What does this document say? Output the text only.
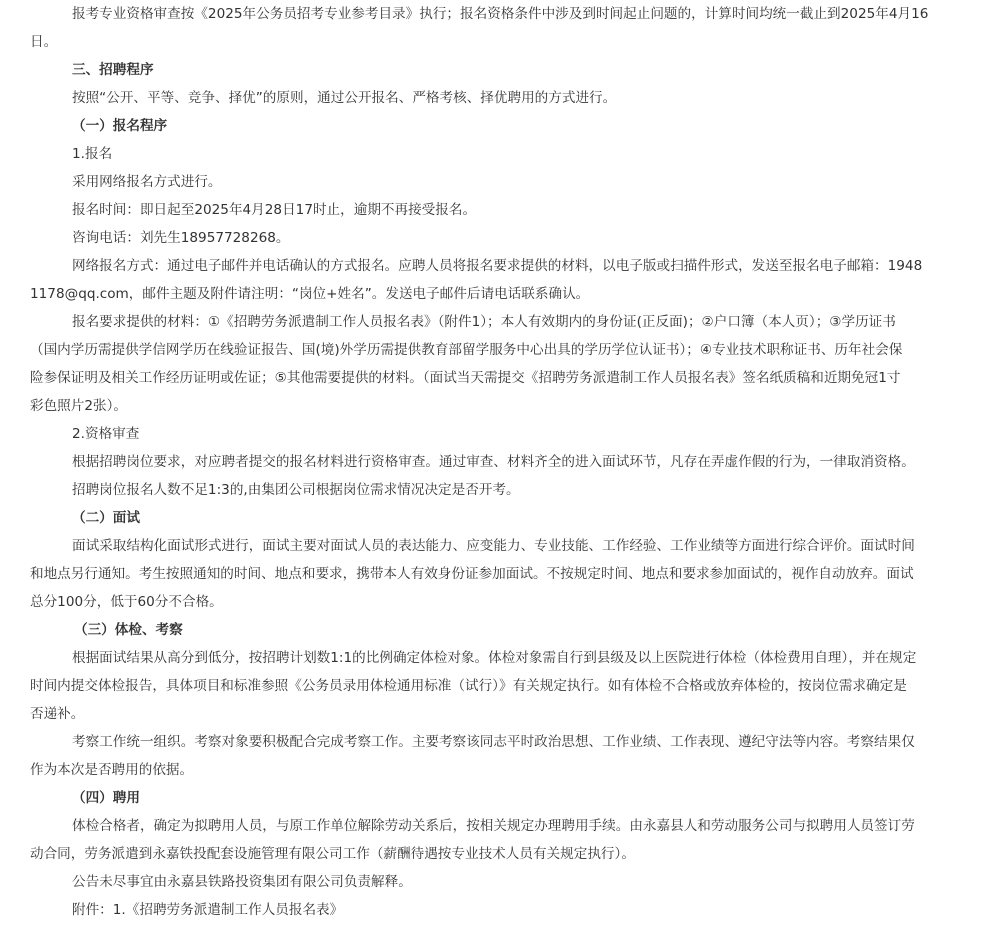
报考专业资格审查按《2025年公务员招考专业参考目录》执行；报名资格条件中涉及到时间起止问题的，计算时间均统一截止到2025年4月16
日。
三、招聘程序
按照“公开、平等、竞争、择优”的原则，通过公开报名、严格考核、择优聘用的方式进行。
（一）报名程序
1.报名
采用网络报名方式进行。
报名时间：即日起至2025年4月28日17时止，逾期不再接受报名。
咨询电话：刘先生18957728268。
网络报名方式：通过电子邮件并电话确认的方式报名。应聘人员将报名要求提供的材料，以电子版或扫描件形式，发送至报名电子邮箱：1948
1178@qq.com，邮件主题及附件请注明：“岗位+姓名”。发送电子邮件后请电话联系确认。
报名要求提供的材料：①《招聘劳务派遣制工作人员报名表》（附件1）；本人有效期内的身份证(正反面)；②户口簿（本人页）；③学历证书
（国内学历需提供学信网学历在线验证报告、国(境)外学历需提供教育部留学服务中心出具的学历学位认证书）；④专业技术职称证书、历年社会保
险参保证明及相关工作经历证明或佐证；⑤其他需要提供的材料。（面试当天需提交《招聘劳务派遣制工作人员报名表》签名纸质稿和近期免冠1寸
彩色照片2张）。
2.资格审查
根据招聘岗位要求，对应聘者提交的报名材料进行资格审查。通过审查、材料齐全的进入面试环节，凡存在弄虚作假的行为，一律取消资格。
招聘岗位报名人数不足1:3的,由集团公司根据岗位需求情况决定是否开考。
（二）面试
面试采取结构化面试形式进行，面试主要对面试人员的表达能力、应变能力、专业技能、工作经验、工作业绩等方面进行综合评价。面试时间
和地点另行通知。考生按照通知的时间、地点和要求，携带本人有效身份证参加面试。不按规定时间、地点和要求参加面试的，视作自动放弃。面试
总分100分，低于60分不合格。
（三）体检、考察
根据面试结果从高分到低分，按招聘计划数1:1的比例确定体检对象。体检对象需自行到县级及以上医院进行体检（体检费用自理），并在规定
时间内提交体检报告，具体项目和标准参照《公务员录用体检通用标准（试行）》有关规定执行。如有体检不合格或放弃体检的，按岗位需求确定是
否递补。
考察工作统一组织。考察对象要积极配合完成考察工作。主要考察该同志平时政治思想、工作业绩、工作表现、遵纪守法等内容。考察结果仅
作为本次是否聘用的依据。
（四）聘用
体检合格者，确定为拟聘用人员，与原工作单位解除劳动关系后，按相关规定办理聘用手续。由永嘉县人和劳动服务公司与拟聘用人员签订劳
动合同，劳务派遣到永嘉铁投配套设施管理有限公司工作（薪酬待遇按专业技术人员有关规定执行）。
公告未尽事宜由永嘉县铁路投资集团有限公司负责解释。
附件：1.《招聘劳务派遣制工作人员报名表》
